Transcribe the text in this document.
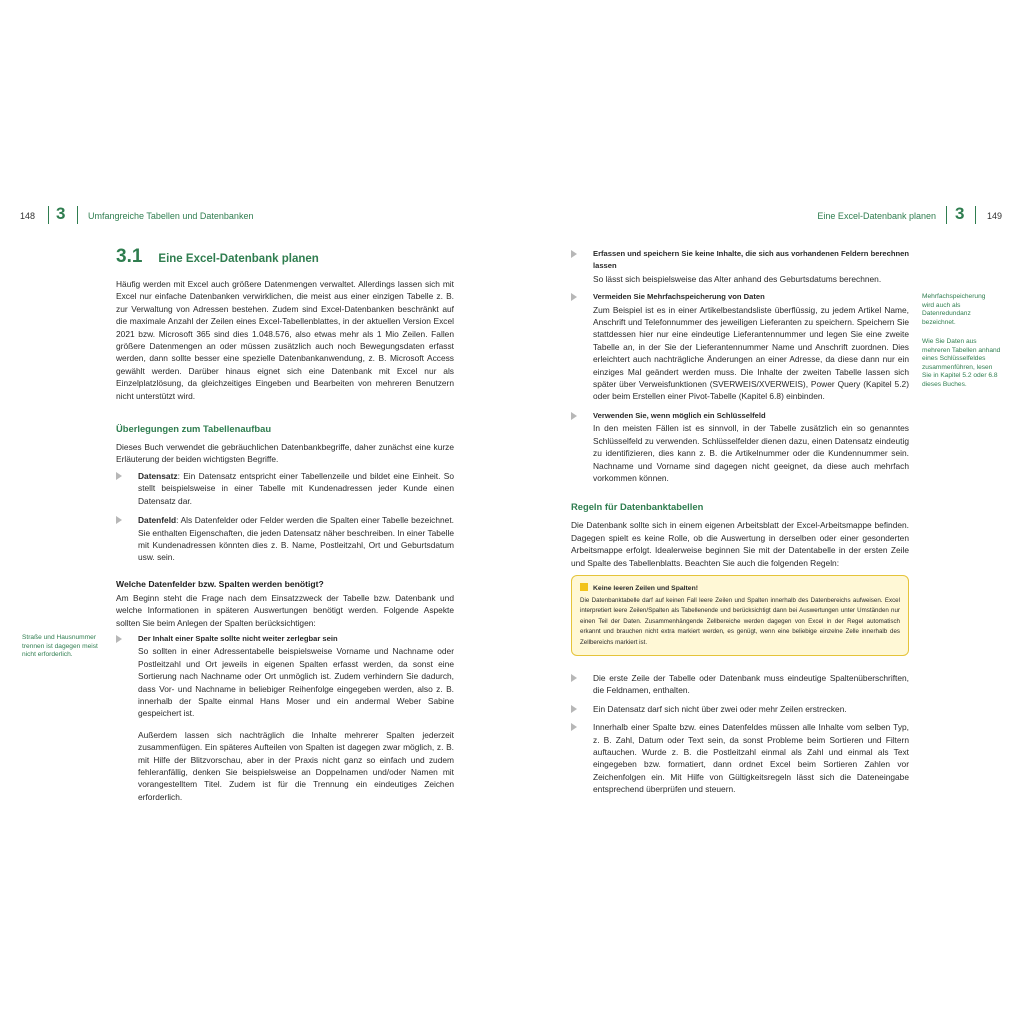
148 3	Umfangreiche Tabellen und Datenbanken	Eine Excel-Datenbank planen 3	149
3.1 Eine Excel-Datenbank planen

Häufig werden mit Excel auch größere Datenmengen verwaltet. Allerdings lassen sich mit Excel nur einfache Datenbanken verwirklichen, die meist aus einer einzigen Tabelle z. B. zur Verwaltung von Adressen bestehen. Zudem sind Excel-Datenbanken beschränkt auf die maximale Anzahl der Zeilen eines Excel-Tabellenblattes, in der aktuellen Version Excel 2021 bzw. Microsoft 365 sind dies 1.048.576, also etwas mehr als 1 Mio Zeilen. Fallen größere Datenmengen an oder müssen zusätzlich auch noch Bewegungsdaten erfasst werden, dann sollte besser eine spezielle Datenbankanwendung, z. B. Microsoft Access gewählt werden. Darüber hinaus eignet sich eine Datenbank mit Excel nur als Einzelplatzlösung, da gleichzeitiges Eingeben und Bearbeiten von mehreren Benutzern nicht unterstützt wird.

Überlegungen zum Tabellenaufbau

Dieses Buch verwendet die gebräuchlichen Datenbankbegriffe, daher zunächst eine kurze Erläuterung der beiden wichtigsten Begriffe.

Datensatz: Ein Datensatz entspricht einer Tabellenzeile und bildet eine Einheit. So stellt beispielsweise in einer Tabelle mit Kundenadressen jeder Kunde einen Datensatz dar.
Datenfeld: Als Datenfelder oder Felder werden die Spalten einer Tabelle bezeichnet. Sie enthalten Eigenschaften, die jeden Datensatz näher beschreiben. In einer Tabelle mit Kundenadressen könnten dies z. B. Name, Postleitzahl, Ort und Geburtsdatum usw. sein.
Welche Datenfelder bzw. Spalten werden benötigt?

Am Beginn steht die Frage nach dem Einsatzzweck der Tabelle bzw. Datenbank und welche Informationen in späteren Auswertungen benötigt werden. Folgende Aspekte sollten Sie beim Anlegen der Spalten berücksichtigen:

Der Inhalt einer Spalte sollte nicht weiter zerlegbar sein

So sollten in einer Adressentabelle beispielsweise Vorname und Nachname oder Postleitzahl und Ort jeweils in eigenen Spalten erfasst werden, da sonst eine Sortierung nach Nachname oder Ort unmöglich ist. Zudem verhindern Sie dadurch, dass Vor- und Nachname in beliebiger Reihenfolge eingegeben werden, also z. B. innerhalb der Spalte einmal Hans Moser und ein andermal Weber Sabine gespeichert ist.

Außerdem lassen sich nachträglich die Inhalte mehrerer Spalten jederzeit zusammenfügen. Ein späteres Aufteilen von Spalten ist dagegen zwar möglich, z. B. mit Hilfe der Blitzvorschau, aber in der Praxis nicht ganz so einfach und zudem fehleranfällig, denken Sie beispielsweise an Doppelnamen und/oder Namen mit vorangestelltem Titel. Zudem ist für die Trennung ein eindeutiges Zeichen erforderlich.

Straße und Hausnummer trennen ist dagegen meist nicht erforderlich.
Erfassen und speichern Sie keine Inhalte, die sich aus vorhandenen Feldern berechnen lassen

So lässt sich beispielsweise das Alter anhand des Geburtsdatums berechnen.

Vermeiden Sie Mehrfachspeicherung von Daten

Zum Beispiel ist es in einer Artikelbestandsliste überflüssig, zu jedem Artikel Name, Anschrift und Telefonnummer des jeweiligen Lieferanten zu speichern. Speichern Sie stattdessen hier nur eine eindeutige Lieferantennummer und legen Sie eine zweite Tabelle an, in der Sie der Lieferantennummer Name und Anschrift zuordnen. Dies erleichtert auch nachträgliche Änderungen an einer Adresse, da diese dann nur ein einziges Mal geändert werden muss. Die Inhalte der zweiten Tabelle lassen sich später über Verweisfunktionen (SVERWEIS/XVERWEIS), Power Query (Kapitel 5.2) oder beim Erstellen einer Pivot-Tabelle (Kapitel 6.8) einbinden.

Verwenden Sie, wenn möglich ein Schlüsselfeld

In den meisten Fällen ist es sinnvoll, in der Tabelle zusätzlich ein so genanntes Schlüsselfeld zu verwenden. Schlüsselfelder dienen dazu, einen Datensatz eindeutig zu identifizieren, dies kann z. B. die Artikelnummer oder die Kundennummer sein. Nachname und Vorname sind dagegen nicht geeignet, da diese auch mehrfach vorkommen können.

Regeln für Datenbanktabellen

Die Datenbank sollte sich in einem eigenen Arbeitsblatt der Excel-Arbeitsmappe befinden. Dagegen spielt es keine Rolle, ob die Auswertung in derselben oder einer gesonderten Arbeitsmappe erfolgt. Idealerweise beginnen Sie mit der Datentabelle in der ersten Zeile und Spalte des Tabellenblatts. Beachten Sie auch die folgenden Regeln:

Keine leeren Zeilen und Spalten!

Die Datenbanktabelle darf auf keinen Fall leere Zeilen und Spalten innerhalb des Datenbereichs aufweisen. Excel interpretiert leere Zeilen/Spalten als Tabellenende und berücksichtigt dann bei Auswertungen unter Umständen nur einen Teil der Daten. Zusammenhängende Zellbereiche werden dagegen von Excel in der Regel automatisch erkannt und brauchen nicht extra markiert werden, es genügt, wenn eine beliebige einzelne Zelle innerhalb des Zellbereichs markiert ist.

Die erste Zeile der Tabelle oder Datenbank muss eindeutige Spaltenüberschriften, die Feldnamen, enthalten.

Ein Datensatz darf sich nicht über zwei oder mehr Zeilen erstrecken.

Innerhalb einer Spalte bzw. eines Datenfeldes müssen alle Inhalte vom selben Typ, z. B. Zahl, Datum oder Text sein, da sonst Probleme beim Sortieren und Filtern auftauchen. Wurde z. B. die Postleitzahl einmal als Zahl und einmal als Text eingegeben bzw. formatiert, dann ordnet Excel beim Sortieren Zahlen vor Zeichenfolgen ein. Mit Hilfe von Gültigkeitsregeln lässt sich die Dateneingabe entsprechend überprüfen und steuern.

Mehrfachspeicherung wird auch als Datenredundanz bezeichnet.
Wie Sie Daten aus mehreren Tabellen anhand eines Schlüsselfeldes zusammenführen, lesen Sie in Kapitel 5.2 oder 6.8 dieses Buches.
